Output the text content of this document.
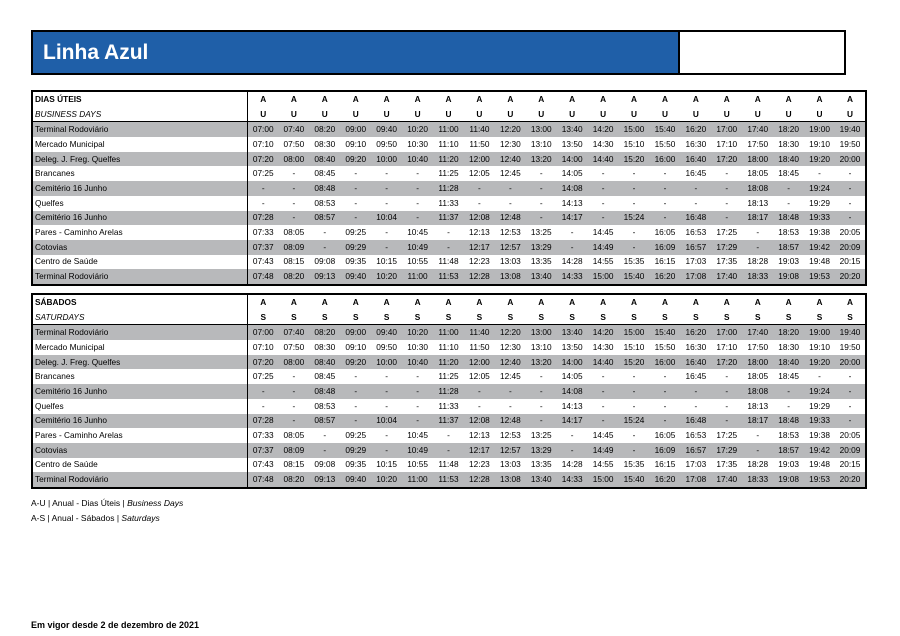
Linha Azul
DIAS ÚTEIS	A	A	A	A	A	A	A	A	A	A	A	A	A	A	A	A	A	A	A	A
BUSINESS DAYS	U	U	U	U	U	U	U	U	U	U	U	U	U	U	U	U	U	U	U	U
Terminal Rodoviário	07:00	07:40	08:20	09:00	09:40	10:20	11:00	11:40	12:20	13:00	13:40	14:20	15:00	15:40	16:20	17:00	17:40	18:20	19:00	19:40
Mercado Municipal	07:10	07:50	08:30	09:10	09:50	10:30	11:10	11:50	12:30	13:10	13:50	14:30	15:10	15:50	16:30	17:10	17:50	18:30	19:10	19:50
Deleg. J. Freg. Quelfes	07:20	08:00	08:40	09:20	10:00	10:40	11:20	12:00	12:40	13:20	14:00	14:40	15:20	16:00	16:40	17:20	18:00	18:40	19:20	20:00
Brancanes	07:25	-	08:45	-	-	-	11:25	12:05	12:45	-	14:05	-	-	-	16:45	-	18:05	18:45	-	-
Cemitério 16 Junho	-	-	08:48	-	-	-	11:28	-	-	-	14:08	-	-	-	-	-	18:08	-	19:24	-
Quelfes	-	-	08:53	-	-	-	11:33	-	-	-	14:13	-	-	-	-	-	18:13	-	19:29	-
Cemitério 16 Junho	07:28	-	08:57	-	10:04	-	11:37	12:08	12:48	-	14:17	-	15:24	-	16:48	-	18:17	18:48	19:33	-
Pares - Caminho Arelas	07:33	08:05	-	09:25	-	10:45	-	12:13	12:53	13:25	-	14:45	-	16:05	16:53	17:25	-	18:53	19:38	20:05
Cotovias	07:37	08:09	-	09:29	-	10:49	-	12:17	12:57	13:29	-	14:49	-	16:09	16:57	17:29	-	18:57	19:42	20:09
Centro de Saúde	07:43	08:15	09:08	09:35	10:15	10:55	11:48	12:23	13:03	13:35	14:28	14:55	15:35	16:15	17:03	17:35	18:28	19:03	19:48	20:15
Terminal Rodoviário	07:48	08:20	09:13	09:40	10:20	11:00	11:53	12:28	13:08	13:40	14:33	15:00	15:40	16:20	17:08	17:40	18:33	19:08	19:53	20:20
SÁBADOS	A	A	A	A	A	A	A	A	A	A	A	A	A	A	A	A	A	A	A	A
SATURDAYS	S	S	S	S	S	S	S	S	S	S	S	S	S	S	S	S	S	S	S	S
Terminal Rodoviário	07:00	07:40	08:20	09:00	09:40	10:20	11:00	11:40	12:20	13:00	13:40	14:20	15:00	15:40	16:20	17:00	17:40	18:20	19:00	19:40
Mercado Municipal	07:10	07:50	08:30	09:10	09:50	10:30	11:10	11:50	12:30	13:10	13:50	14:30	15:10	15:50	16:30	17:10	17:50	18:30	19:10	19:50
Deleg. J. Freg. Quelfes	07:20	08:00	08:40	09:20	10:00	10:40	11:20	12:00	12:40	13:20	14:00	14:40	15:20	16:00	16:40	17:20	18:00	18:40	19:20	20:00
Brancanes	07:25	-	08:45	-	-	-	11:25	12:05	12:45	-	14:05	-	-	-	16:45	-	18:05	18:45	-	-
Cemitério 16 Junho	-	-	08:48	-	-	-	11:28	-	-	-	14:08	-	-	-	-	-	18:08	-	19:24	-
Quelfes	-	-	08:53	-	-	-	11:33	-	-	-	14:13	-	-	-	-	-	18:13	-	19:29	-
Cemitério 16 Junho	07:28	-	08:57	-	10:04	-	11:37	12:08	12:48	-	14:17	-	15:24	-	16:48	-	18:17	18:48	19:33	-
Pares - Caminho Arelas	07:33	08:05	-	09:25	-	10:45	-	12:13	12:53	13:25	-	14:45	-	16:05	16:53	17:25	-	18:53	19:38	20:05
Cotovias	07:37	08:09	-	09:29	-	10:49	-	12:17	12:57	13:29	-	14:49	-	16:09	16:57	17:29	-	18:57	19:42	20:09
Centro de Saúde	07:43	08:15	09:08	09:35	10:15	10:55	11:48	12:23	13:03	13:35	14:28	14:55	15:35	16:15	17:03	17:35	18:28	19:03	19:48	20:15
Terminal Rodoviário	07:48	08:20	09:13	09:40	10:20	11:00	11:53	12:28	13:08	13:40	14:33	15:00	15:40	16:20	17:08	17:40	18:33	19:08	19:53	20:20
A-U | Anual - Dias Úteis | Business Days
A-S | Anual - Sábados | Saturdays
Em vigor desde 2 de dezembro de 2021
